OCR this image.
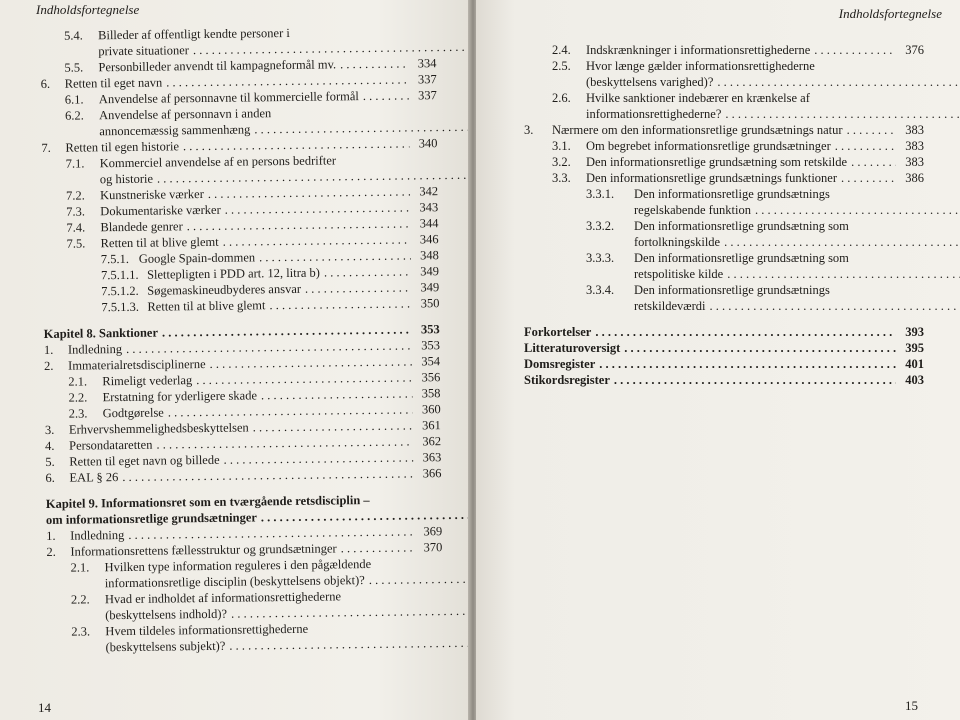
Indholdsfortegnelse
5.4.	Billeder af offentligt kendte personer i
private situationer . . .
5.5.	Personbilleder anvendt til kampagneformål mv. . . .	334
6.	Retten til eget navn . . .	337
6.1.	Anvendelse af personnavne til kommercielle formål . . .	337
6.2.	Anvendelse af personnavn i anden
annoncemæssig sammenhæng . . .
7.	Retten til egen historie . . .	340
7.1.	Kommerciel anvendelse af en persons bedrifter
og historie . . .
7.2.	Kunstneriske værker . . .	342
7.3.	Dokumentariske værker . . .	343
7.4.	Blandede genrer . . .	344
7.5.	Retten til at blive glemt . . .	346
7.5.1. Google Spain-dommen . . .	348
7.5.1.1. Slettepligten i PDD art. 12, litra b) . . .	349
7.5.1.2. Søgemaskineudbyderes ansvar . . .	349
7.5.1.3. Retten til at blive glemt . . .	350
Kapitel 8. Sanktioner . . .	353
1.	Indledning . . .	353
2.	Immaterialretsdisciplinerne . . .	354
2.1.	Rimeligt vederlag . . .	356
2.2.	Erstatning for yderligere skade . . .	358
2.3.	Godtgørelse . . .	360
3.	Erhvervshemmelighedsbeskyttelsen . . .	361
4.	Persondataretten . . .	362
5.	Retten til eget navn og billede . . .	363
6.	EAL § 26 . . .	366
Kapitel 9. Informationsret som en tværgående retsdisciplin –
om informationsretlige grundsætninger . . .
1.	Indledning . . .	369
2.	Informationsrettens fællesstruktur og grundsætninger . . .	370
2.1.	Hvilken type information reguleres i den pågældende
informationsretlige disciplin (beskyttelsens objekt)? . . .
2.2.	Hvad er indholdet af informationsrettighederne
(beskyttelsens indhold)? . . .
2.3.	Hvem tildeles informationsrettighederne
(beskyttelsens subjekt)? . . .
14
Indholdsfortegnelse
2.4.	Indskrænkninger i informationsrettighederne . . .	376
2.5.	Hvor længe gælder informationsrettighederne
(beskyttelsens varighed)? . . .
2.6.	Hvilke sanktioner indebærer en krænkelse af
informationsrettighederne? . . .
3.	Nærmere om den informationsretlige grundsætnings natur . . .	383
3.1.	Om begrebet informationsretlige grundsætninger . . .	383
3.2.	Den informationsretlige grundsætning som retskilde . . .	383
3.3.	Den informationsretlige grundsætnings funktioner . . .	386
3.3.1.	Den informationsretlige grundsætnings
regelskabende funktion . . .
3.3.2.	Den informationsretlige grundsætning som
fortolkningskilde . . .
3.3.3.	Den informationsretlige grundsætning som
retspolitiske kilde . . .
3.3.4.	Den informationsretlige grundsætnings
retskildeværdi . . .
Forkortelser . . .	393
Litteraturoversigt . . .	395
Domsregister . . .	401
Stikordsregister . . .	403
15
